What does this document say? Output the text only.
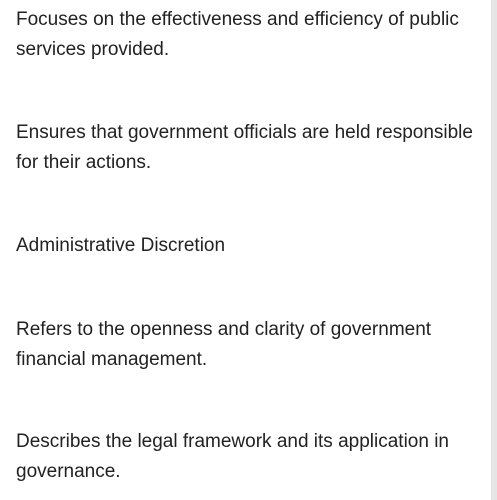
Focuses on the effectiveness and efficiency of public services provided.
Ensures that government officials are held responsible for their actions.
Administrative Discretion
Refers to the openness and clarity of government financial management.
Describes the legal framework and its application in governance.
